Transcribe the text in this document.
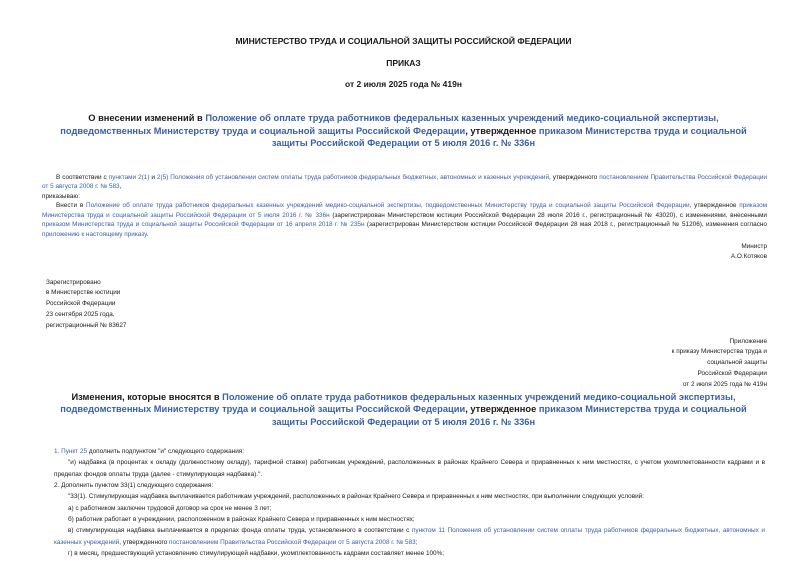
МИНИСТЕРСТВО ТРУДА И СОЦИАЛЬНОЙ ЗАЩИТЫ РОССИЙСКОЙ ФЕДЕРАЦИИ
ПРИКАЗ
от 2 июля 2025 года № 419н
О внесении изменений в Положение об оплате труда работников федеральных казенных учреждений медико-социальной экспертизы, подведомственных Министерству труда и социальной защиты Российской Федерации, утвержденное приказом Министерства труда и социальной защиты Российской Федерации от 5 июля 2016 г. № 336н

В соответствии с пунктами 2(1) и 2(5) Положения об установлении систем оплаты труда работников федеральных бюджетных, автономных и казенных учреждений, утвержденного постановлением Правительства Российской Федерации от 5 августа 2008 г. № 583,

приказываю:

Внести в Положение об оплате труда работников федеральных казенных учреждений медико-социальной экспертизы, подведомственных Министерству труда и социальной защиты Российской Федерации, утвержденное приказом Министерства труда и социальной защиты Российской Федерации от 5 июля 2016 г. № 336н (зарегистрирован Министерством юстиции Российской Федерации 28 июля 2016 г., регистрационный № 43020), с изменениями, внесенными приказом Министерства труда и социальной защиты Российской Федерации от 16 апреля 2018 г. № 235н (зарегистрирован Министерством юстиции Российской Федерации 28 мая 2018 г., регистрационный № 51206), изменения согласно приложению к настоящему приказу.

Министр
А.О.Котяков
Зарегистрировано
в Министерстве юстиции
Российской Федерации
23 сентября 2025 года,
регистрационный № 83627
Приложение
к приказу Министерства труда и
социальной защиты
Российской Федерации
от 2 июля 2025 года № 419н
Изменения, которые вносятся в Положение об оплате труда работников федеральных казенных учреждений медико-социальной экспертизы, подведомственных Министерству труда и социальной защиты Российской Федерации, утвержденное приказом Министерства труда и социальной защиты Российской Федерации от 5 июля 2016 г. № 336н

1. Пункт 25 дополнить подпунктом "и" следующего содержания:

"и) надбавка (в процентах к окладу (должностному окладу), тарифной ставке) работникам учреждений, расположенных в районах Крайнего Севера и приравненных к ним местностях, с учетом укомплектованности кадрами и в пределах фондов оплаты труда (далее - стимулирующая надбавка).".

2. Дополнить пунктом 33(1) следующего содержания:

"33(1). Стимулирующая надбавка выплачивается работникам учреждений, расположенных в районах Крайнего Севера и приравненных к ним местностях, при выполнении следующих условий:

а) с работником заключен трудовой договор на срок не менее 3 лет;

б) работник работает в учреждении, расположенном в районах Крайнего Севера и приравненных к ним местностях;

в) стимулирующая надбавка выплачивается в пределах фонда оплаты труда, установленного в соответствии с пунктом 11 Положения об установлении систем оплаты труда работников федеральных бюджетных, автономных и казенных учреждений, утвержденного постановлением Правительства Российской Федерации от 5 августа 2008 г. № 583;

г) в месяц, предшествующий установлению стимулирующей надбавки, укомплектованность кадрами составляет менее 100%;
